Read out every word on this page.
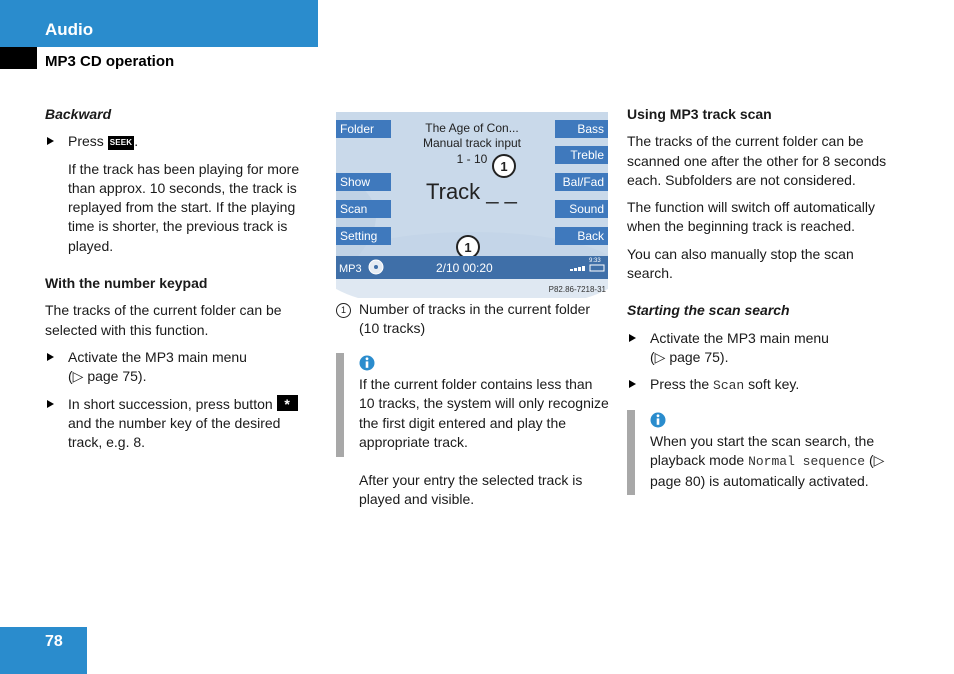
Audio
MP3 CD operation

Backward

Press SEEK .

If the track has been playing for more than approx. 10 seconds, the track is replayed from the start. If the playing time is shorter, the previous track is played.

With the number keypad

The tracks of the current folder can be selected with this function.

Activate the MP3 main menu
(▷ page 75).

In short succession, press button * and the number key of the desired track, e.g. 8.

Folder
Show
Scan
Setting
Bass
Treble
Bal/Fad
Sound
Back
The Age of Con...
Manual track input
1 - 10 1
Track _ _
1
MP3	2/10 00:20	9:33
P82.86-7218-31

1 Number of tracks in the current folder (10 tracks)

If the current folder contains less than 10 tracks, the system will only recognize the first digit entered and play the appropriate track.

After your entry the selected track is played and visible.

Using MP3 track scan

The tracks of the current folder can be scanned one after the other for 8 seconds each. Subfolders are not considered.

The function will switch off automatically when the beginning track is reached.

You can also manually stop the scan search.

Starting the scan search

Activate the MP3 main menu
(▷ page 75).

Press the Scan soft key.

When you start the scan search, the playback mode Normal sequence (▷ page 80) is automatically activated.

78
